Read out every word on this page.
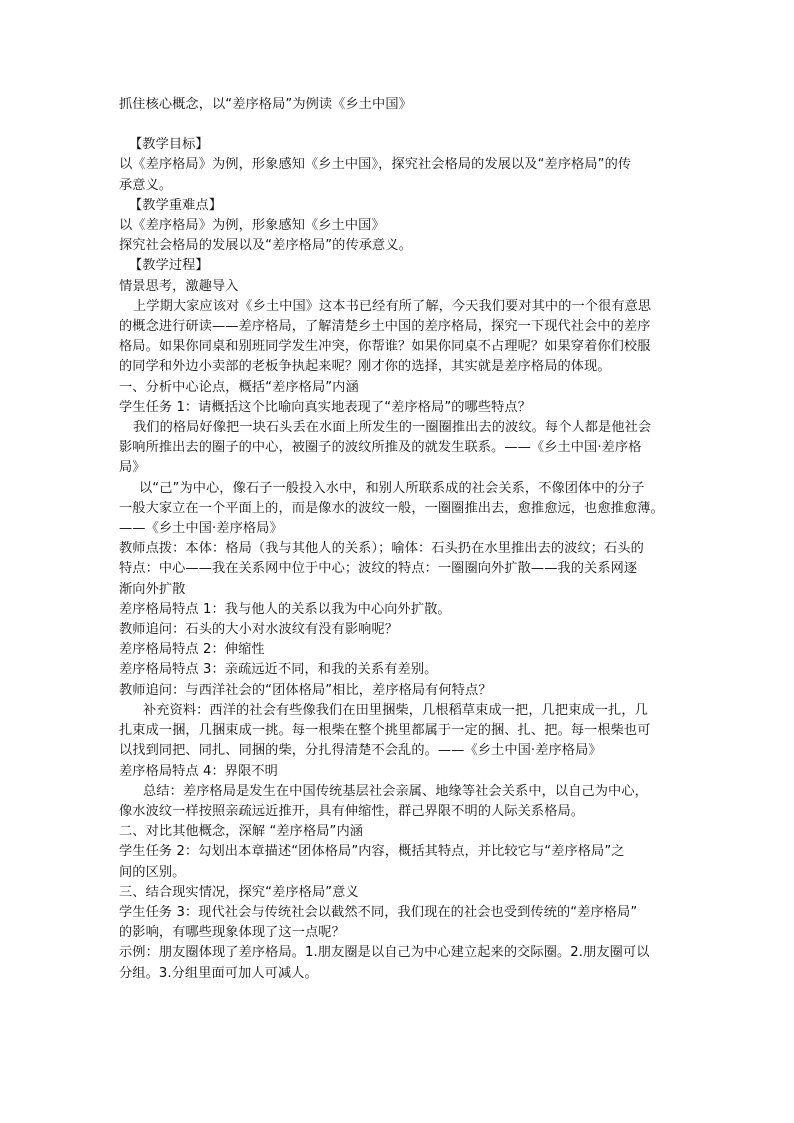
抓住核心概念，以“差序格局”为例读《乡土中国》
【教学目标】
以《差序格局》为例，形象感知《乡土中国》，探究社会格局的发展以及“差序格局”的传
承意义。
【教学重难点】
以《差序格局》为例，形象感知《乡土中国》
探究社会格局的发展以及“差序格局”的传承意义。
【教学过程】
情景思考，激趣导入
上学期大家应该对《乡土中国》这本书已经有所了解，今天我们要对其中的一个很有意思
的概念进行研读——差序格局，了解清楚乡土中国的差序格局，探究一下现代社会中的差序
格局。如果你同桌和别班同学发生冲突，你帮谁？如果你同桌不占理呢？如果穿着你们校服
的同学和外边小卖部的老板争执起来呢？刚才你的选择，其实就是差序格局的体现。
一、分析中心论点，概括“差序格局”内涵
学生任务 1：请概括这个比喻向真实地表现了“差序格局”的哪些特点？
我们的格局好像把一块石头丢在水面上所发生的一圈圈推出去的波纹。每个人都是他社会
影响所推出去的圈子的中心，被圈子的波纹所推及的就发生联系。——《乡土中国·差序格
局》
以“己”为中心，像石子一般投入水中，和别人所联系成的社会关系，不像团体中的分子
一般大家立在一个平面上的，而是像水的波纹一般，一圈圈推出去，愈推愈远，也愈推愈薄。
——《乡土中国·差序格局》
教师点拨：本体：格局（我与其他人的关系）；喻体：石头扔在水里推出去的波纹；石头的
特点：中心——我在关系网中位于中心；波纹的特点：一圈圈向外扩散——我的关系网逐
渐向外扩散
差序格局特点 1：我与他人的关系以我为中心向外扩散。
教师追问：石头的大小对水波纹有没有影响呢？
差序格局特点 2：伸缩性
差序格局特点 3：亲疏远近不同，和我的关系有差别。
教师追问：与西洋社会的“团体格局”相比，差序格局有何特点？
补充资料：西洋的社会有些像我们在田里捆柴，几根稻草束成一把，几把束成一扎，几
扎束成一捆，几捆束成一挑。每一根柴在整个挑里都属于一定的捆、扎、把。每一根柴也可
以找到同把、同扎、同捆的柴，分扎得清楚不会乱的。——《乡土中国·差序格局》
差序格局特点 4：界限不明
总结：差序格局是发生在中国传统基层社会亲属、地缘等社会关系中，以自己为中心，
像水波纹一样按照亲疏远近推开，具有伸缩性，群己界限不明的人际关系格局。
二、对比其他概念，深解 “差序格局”内涵
学生任务 2：勾划出本章描述“团体格局”内容，概括其特点，并比较它与“差序格局”之
间的区别。
三、结合现实情况，探究“差序格局”意义
学生任务 3：现代社会与传统社会以截然不同，我们现在的社会也受到传统的“差序格局”
的影响，有哪些现象体现了这一点呢？
示例：朋友圈体现了差序格局。1.朋友圈是以自己为中心建立起来的交际圈。2.朋友圈可以
分组。3.分组里面可加人可减人。
